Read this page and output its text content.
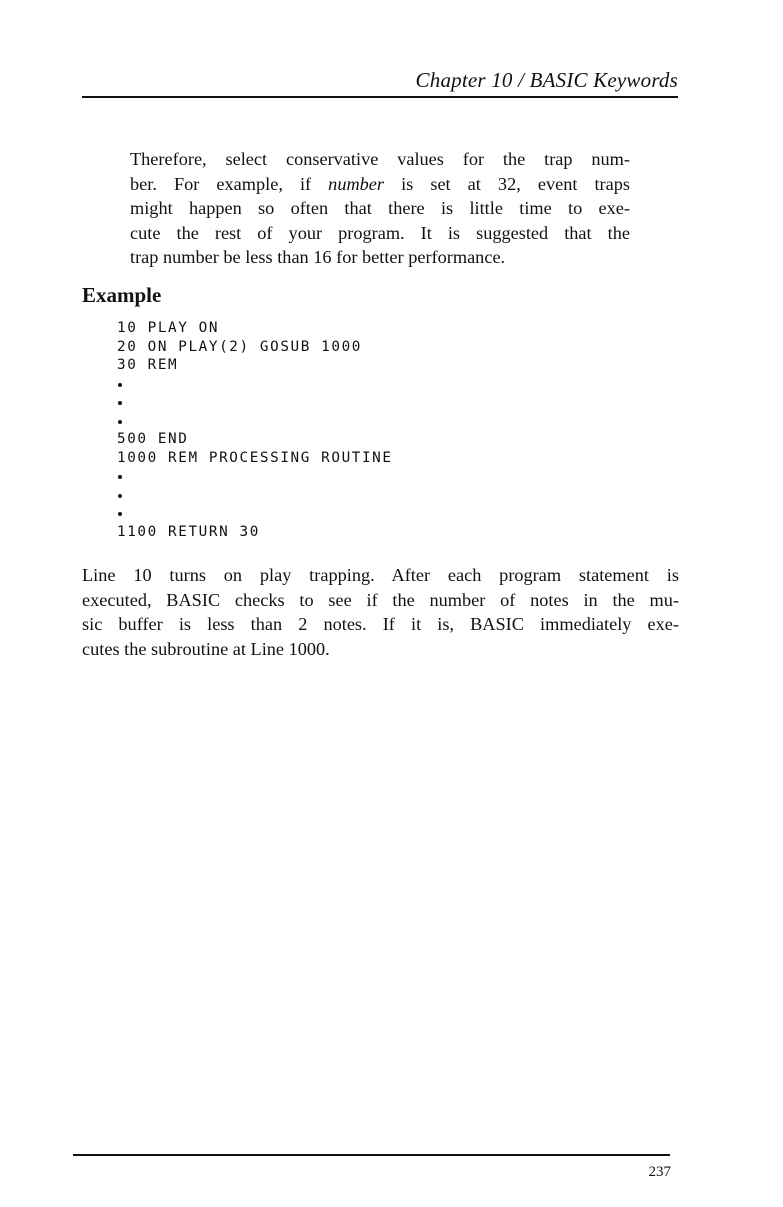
Chapter 10 / BASIC Keywords
Therefore, select conservative values for the trap num-
ber. For example, if number is set at 32, event traps
might happen so often that there is little time to exe-
cute the rest of your program. It is suggested that the
trap number be less than 16 for better performance.
Example
10 PLAY ON
20 ON PLAY(2) GOSUB 1000
30 REM
500 END
1000 REM PROCESSING ROUTINE
1100 RETURN 30
Line 10 turns on play trapping. After each program statement is
executed, BASIC checks to see if the number of notes in the mu-
sic buffer is less than 2 notes. If it is, BASIC immediately exe-
cutes the subroutine at Line 1000.
237
